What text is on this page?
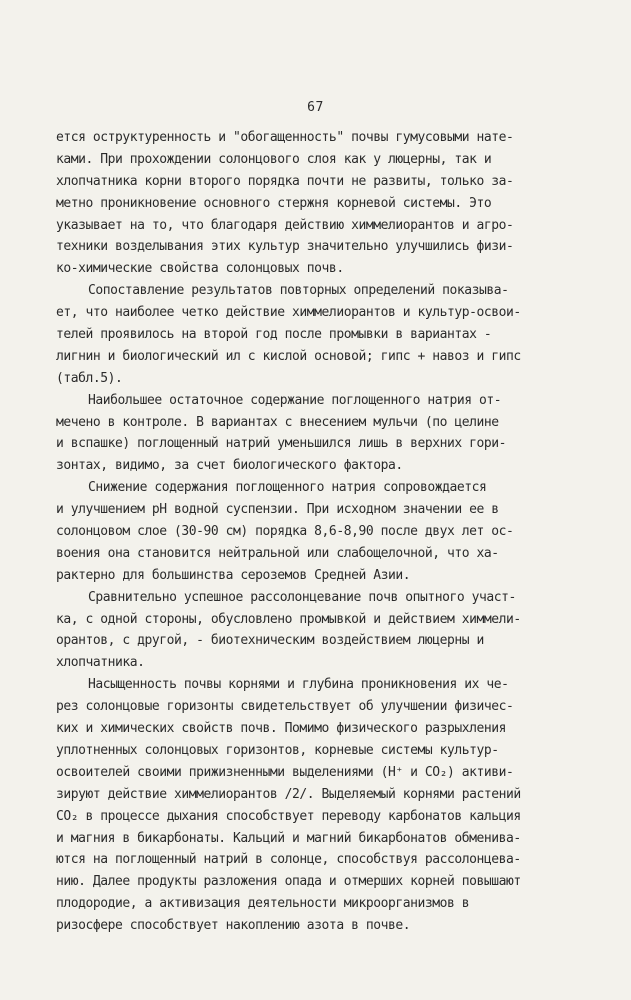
67
ется оструктуренность и "обогащенность" почвы гумусовыми нате-
ками. При прохождении солонцового слоя как у люцерны, так и
хлопчатника корни второго порядка почти не развиты, только за-
метно проникновение основного стержня корневой системы. Это
указывает на то, что благодаря действию химмелиорантов и агро-
техники возделывания этих культур значительно улучшились физи-
ко-химические свойства солонцовых почв.
Сопоставление результатов повторных определений показыва-
ет, что наиболее четко действие химмелиорантов и культур-освои-
телей проявилось на второй год после промывки в вариантах -
лигнин и биологический ил с кислой основой; гипс + навоз и гипс
(табл.5).
Наибольшее остаточное содержание поглощенного натрия от-
мечено в контроле. В вариантах с внесением мульчи (по целине
и вспашке) поглощенный натрий уменьшился лишь в верхних гори-
зонтах, видимо, за счет биологического фактора.
Снижение содержания поглощенного натрия сопровождается
и улучшением рН водной суспензии. При исходном значении ее в
солонцовом слое (30-90 см) порядка 8,6-8,90 после двух лет ос-
воения она становится нейтральной или слабощелочной, что ха-
рактерно для большинства сероземов Средней Азии.
Сравнительно успешное рассолонцевание почв опытного участ-
ка, с одной стороны, обусловлено промывкой и действием химмели-
орантов, с другой, - биотехническим воздействием люцерны и
хлопчатника.
Насыщенность почвы корнями и глубина проникновения их че-
рез солонцовые горизонты свидетельствует об улучшении физичес-
ких и химических свойств почв. Помимо физического разрыхления
уплотненных солонцовых горизонтов, корневые системы культур-
освоителей своими прижизненными выделениями (Н⁺ и СО₂) активи-
зируют действие химмелиорантов /2/. Выделяемый корнями растений
СО₂ в процессе дыхания способствует переводу карбонатов кальция
и магния в бикарбонаты. Кальций и магний бикарбонатов обменива-
ются на поглощенный натрий в солонце, способствуя рассолонцева-
нию. Далее продукты разложения опада и отмерших корней повышают
плодородие, а активизация деятельности микроорганизмов в
ризосфере способствует накоплению азота в почве.
